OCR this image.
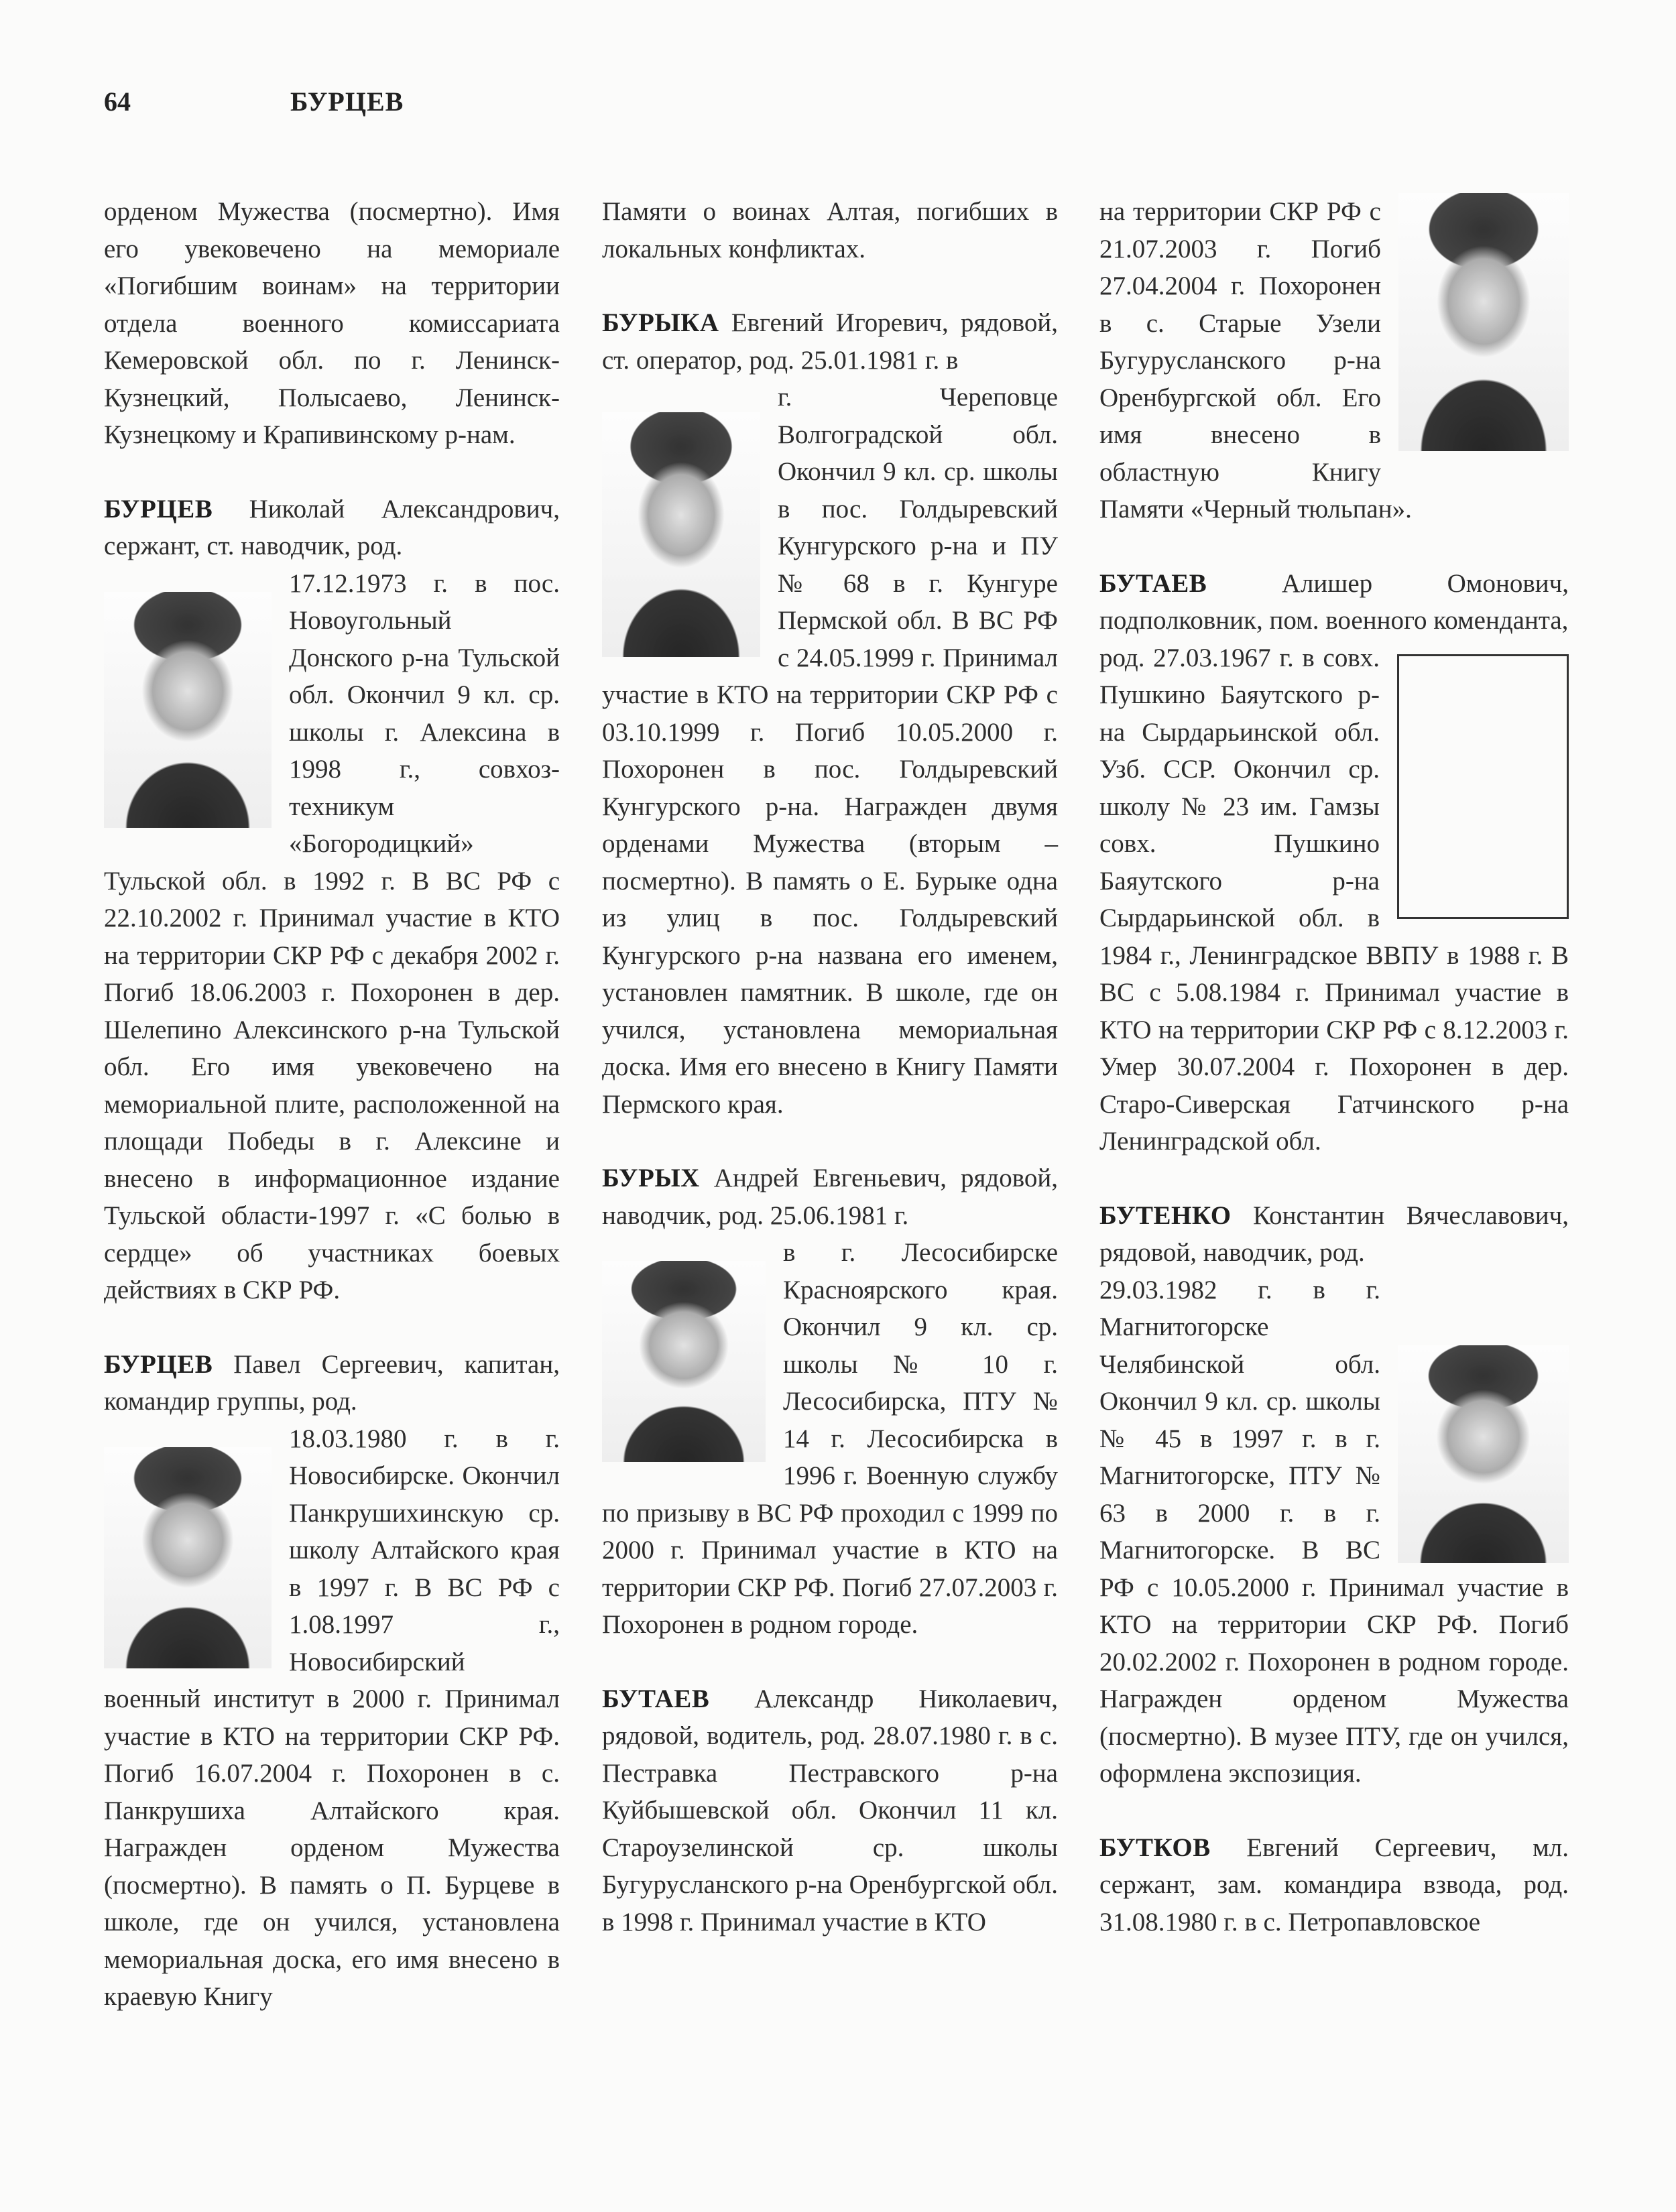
64	БУРЦЕВ

орденом Мужества (посмертно). Имя его увековечено на мемориале «Погибшим воинам» на территории отдела военного комиссариата Кемеровской обл. по г. Ленинск-Кузнецкий, Полысаево, Ленинск-Кузнецкому и Крапивинскому р-нам.

БУРЦЕВ Николай Александрович, сержант, ст. наводчик, род.

17.12.1973 г. в пос. Новоугольный Донского р-на Тульской обл. Окончил 9 кл. ср. школы г. Алексина в 1998 г., совхоз-техникум «Богородицкий» Тульской обл. в 1992 г. В ВС РФ с 22.10.2002 г. Принимал участие в КТО на территории СКР РФ с декабря 2002 г. Погиб 18.06.2003 г. Похоронен в дер. Шелепино Алексинского р-на Тульской обл. Его имя увековечено на мемориальной плите, расположенной на площади Победы в г. Алексине и внесено в информационное издание Тульской области-1997 г. «С болью в сердце» об участниках боевых действиях в СКР РФ.

БУРЦЕВ Павел Сергеевич, капитан, командир группы, род.

18.03.1980 г. в г. Новосибирске. Окончил Панкрушихинскую ср. школу Алтайского края в 1997 г. В ВС РФ с 1.08.1997 г., Новосибирский военный институт в 2000 г. Принимал участие в КТО на территории СКР РФ. Погиб 16.07.2004 г. Похоронен в с. Панкрушиха Алтайского края. Награжден орденом Мужества (посмертно). В память о П. Бурцеве в школе, где он учился, установлена мемориальная доска, его имя внесено в краевую Книгу

Памяти о воинах Алтая, погибших в локальных конфликтах.

БУРЫКА Евгений Игоревич, рядовой, ст. оператор, род. 25.01.1981 г. в

г. Череповце Волгоградской обл. Окончил 9 кл. ср. школы в пос. Голдыревский Кунгурского р-на и ПУ № 68 в г. Кунгуре Пермской обл. В ВС РФ с 24.05.1999 г. Принимал участие в КТО на территории СКР РФ с 03.10.1999 г. Погиб 10.05.2000 г. Похоронен в пос. Голдыревский Кунгурского р-на. Награжден двумя орденами Мужества (вторым – посмертно). В память о Е. Бурыке одна из улиц в пос. Голдыревский Кунгурского р-на названа его именем, установлен памятник. В школе, где он учился, установлена мемориальная доска. Имя его внесено в Книгу Памяти Пермского края.

БУРЫХ Андрей Евгеньевич, рядовой, наводчик, род. 25.06.1981 г.

в г. Лесосибирске Красноярского края. Окончил 9 кл. ср. школы № 10 г. Лесосибирска, ПТУ № 14 г. Лесосибирска в 1996 г. Военную службу по призыву в ВС РФ проходил с 1999 по 2000 г. Принимал участие в КТО на территории СКР РФ. Погиб 27.07.2003 г. Похоронен в родном городе.

БУТАЕВ Александр Николаевич, рядовой, водитель, род. 28.07.1980 г. в с. Пестравка Пестравского р-на Куйбышевской обл. Окончил 11 кл. Староузелинской ср. школы Бугурусланского р-на Оренбургской обл. в 1998 г. Принимал участие в КТО

на территории СКР РФ с 21.07.2003 г. Погиб 27.04.2004 г. Похоронен в с. Старые Узели Бугурусланского р-на Оренбургской обл. Его имя внесено в областную Книгу Памяти «Черный тюльпан».

БУТАЕВ	Алишер Омонович, подполковник, пом. военного коменданта,

род. 27.03.1967 г. в совх. Пушкино Баяутского р-на Сырдарьинской обл. Узб. ССР. Окончил ср. школу № 23 им. Гамзы совх. Пушкино Баяутского р-на Сырдарьинской обл. в 1984 г., Ленинградское ВВПУ в 1988 г. В ВС с 5.08.1984 г. Принимал участие в КТО на территории СКР РФ с 8.12.2003 г. Умер 30.07.2004 г. Похоронен в дер. Старо-Сиверская Гатчинского р-на Ленинградской обл.

БУТЕНКО Константин Вячеславович, рядовой, наводчик, род.

29.03.1982 г. в г. Магнитогорске Челябинской обл. Окончил 9 кл. ср. школы № 45 в 1997 г. в г. Магнитогорске, ПТУ № 63 в 2000 г. в г. Магнитогорске. В ВС РФ с 10.05.2000 г. Принимал участие в КТО на территории СКР РФ. Погиб 20.02.2002 г. Похоронен в родном городе. Награжден орденом Мужества (посмертно). В музее ПТУ, где он учился, оформлена экспозиция.

БУТКОВ Евгений Сергеевич, мл. сержант, зам. командира взвода, род. 31.08.1980 г. в с. Петропавловское
